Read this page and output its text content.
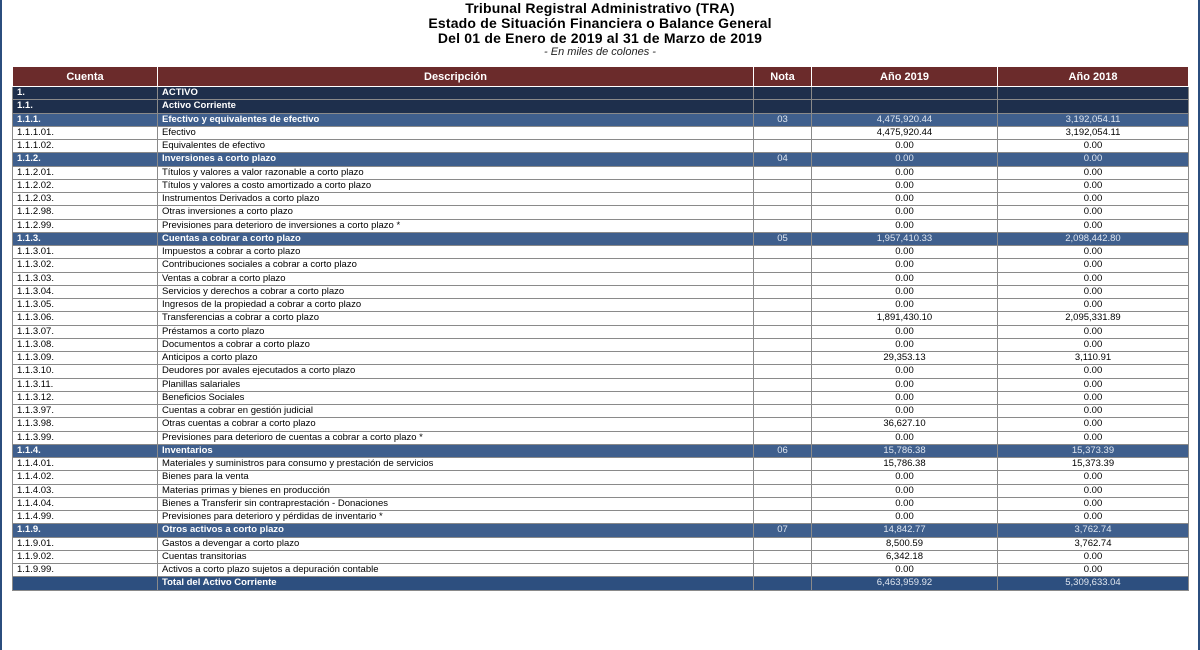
Tribunal Registral Administrativo (TRA)
Estado de Situación Financiera o Balance General
Del 01 de Enero de 2019 al 31 de Marzo de 2019
- En miles de colones -
Cuenta	Descripción	Nota	Año 2019	Año 2018
1.	ACTIVO			
1.1.	Activo Corriente			
1.1.1.	Efectivo y equivalentes de efectivo	03	4,475,920.44	3,192,054.11
1.1.1.01.	Efectivo		4,475,920.44	3,192,054.11
1.1.1.02.	Equivalentes de efectivo		0.00	0.00
1.1.2.	Inversiones a corto plazo	04	0.00	0.00
1.1.2.01.	Títulos y valores a valor razonable a corto plazo		0.00	0.00
1.1.2.02.	Títulos y valores a costo amortizado a corto plazo		0.00	0.00
1.1.2.03.	Instrumentos Derivados a corto plazo		0.00	0.00
1.1.2.98.	Otras inversiones a corto plazo		0.00	0.00
1.1.2.99.	Previsiones para deterioro de inversiones a corto plazo *		0.00	0.00
1.1.3.	Cuentas a cobrar a corto plazo	05	1,957,410.33	2,098,442.80
1.1.3.01.	Impuestos a cobrar a corto plazo		0.00	0.00
1.1.3.02.	Contribuciones sociales a cobrar a corto plazo		0.00	0.00
1.1.3.03.	Ventas a cobrar a corto plazo		0.00	0.00
1.1.3.04.	Servicios y derechos a cobrar a corto plazo		0.00	0.00
1.1.3.05.	Ingresos de la propiedad a cobrar a corto plazo		0.00	0.00
1.1.3.06.	Transferencias a cobrar a corto plazo		1,891,430.10	2,095,331.89
1.1.3.07.	Préstamos a corto plazo		0.00	0.00
1.1.3.08.	Documentos a cobrar a corto plazo		0.00	0.00
1.1.3.09.	Anticipos a corto plazo		29,353.13	3,110.91
1.1.3.10.	Deudores por avales ejecutados a corto plazo		0.00	0.00
1.1.3.11.	Planillas salariales		0.00	0.00
1.1.3.12.	Beneficios Sociales		0.00	0.00
1.1.3.97.	Cuentas a cobrar en gestión judicial		0.00	0.00
1.1.3.98.	Otras cuentas a cobrar a corto plazo		36,627.10	0.00
1.1.3.99.	Previsiones para deterioro de cuentas a cobrar a corto plazo *		0.00	0.00
1.1.4.	Inventarios	06	15,786.38	15,373.39
1.1.4.01.	Materiales y suministros para consumo y prestación de servicios		15,786.38	15,373.39
1.1.4.02.	Bienes para la venta		0.00	0.00
1.1.4.03.	Materias primas y bienes en producción		0.00	0.00
1.1.4.04.	Bienes a Transferir sin contraprestación - Donaciones		0.00	0.00
1.1.4.99.	Previsiones para deterioro y pérdidas de inventario *		0.00	0.00
1.1.9.	Otros activos a corto plazo	07	14,842.77	3,762.74
1.1.9.01.	Gastos a devengar a corto plazo		8,500.59	3,762.74
1.1.9.02.	Cuentas transitorias		6,342.18	0.00
1.1.9.99.	Activos a corto plazo sujetos a depuración contable		0.00	0.00
	Total del Activo Corriente		6,463,959.92	5,309,633.04
